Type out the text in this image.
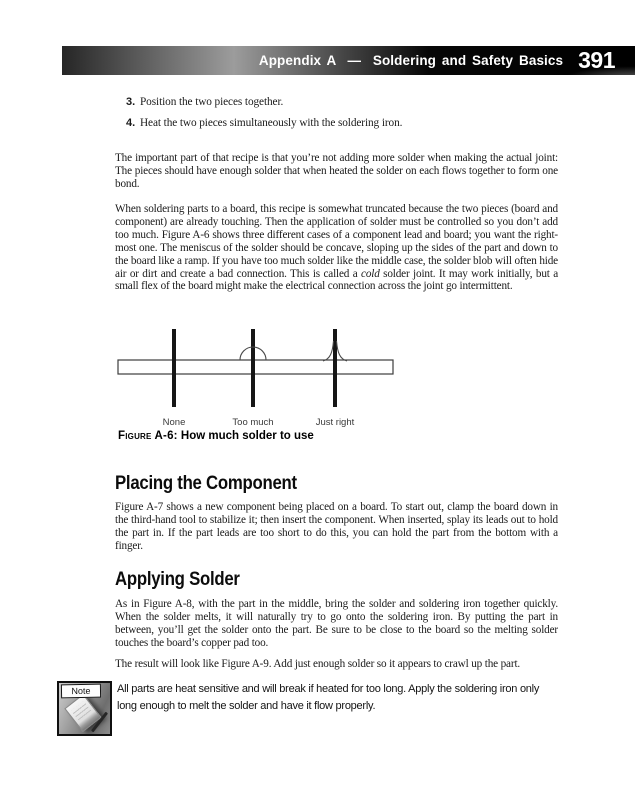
Appendix A  —  Soldering and Safety Basics 391
3. Position the two pieces together.
4. Heat the two pieces simultaneously with the soldering iron.

The important part of that recipe is that you’re not adding more solder when making the actual joint: The pieces should have enough solder that when heated the solder on each flows together to form one bond.

When soldering parts to a board, this recipe is somewhat truncated because the two pieces (board and component) are already touching. Then the application of solder must be controlled so you don’t add too much. Figure A-6 shows three different cases of a component lead and board; you want the right-most one. The meniscus of the solder should be concave, sloping up the sides of the part and down to the board like a ramp. If you have too much solder like the middle case, the solder blob will often hide air or dirt and create a bad connection. This is called a cold solder joint. It may work initially, but a small flex of the board might make the electrical connection across the joint go intermittent.

None	Too much	Just right
Figure A-6: How much solder to use
Placing the Component

Figure A-7 shows a new component being placed on a board. To start out, clamp the board down in the third-hand tool to stabilize it; then insert the component. When inserted, splay its leads out to hold the part in. If the part leads are too short to do this, you can hold the part from the bottom with a finger.

Applying Solder

As in Figure A-8, with the part in the middle, bring the solder and soldering iron together quickly. When the solder melts, it will naturally try to go onto the soldering iron. By putting the part in between, you’ll get the solder onto the part. Be sure to be close to the board so the melting solder touches the board’s copper pad too.

The result will look like Figure A-9. Add just enough solder so it appears to crawl up the part.

Note	All parts are heat sensitive and will break if heated for too long. Apply the soldering iron only long enough to melt the solder and have it flow properly.
